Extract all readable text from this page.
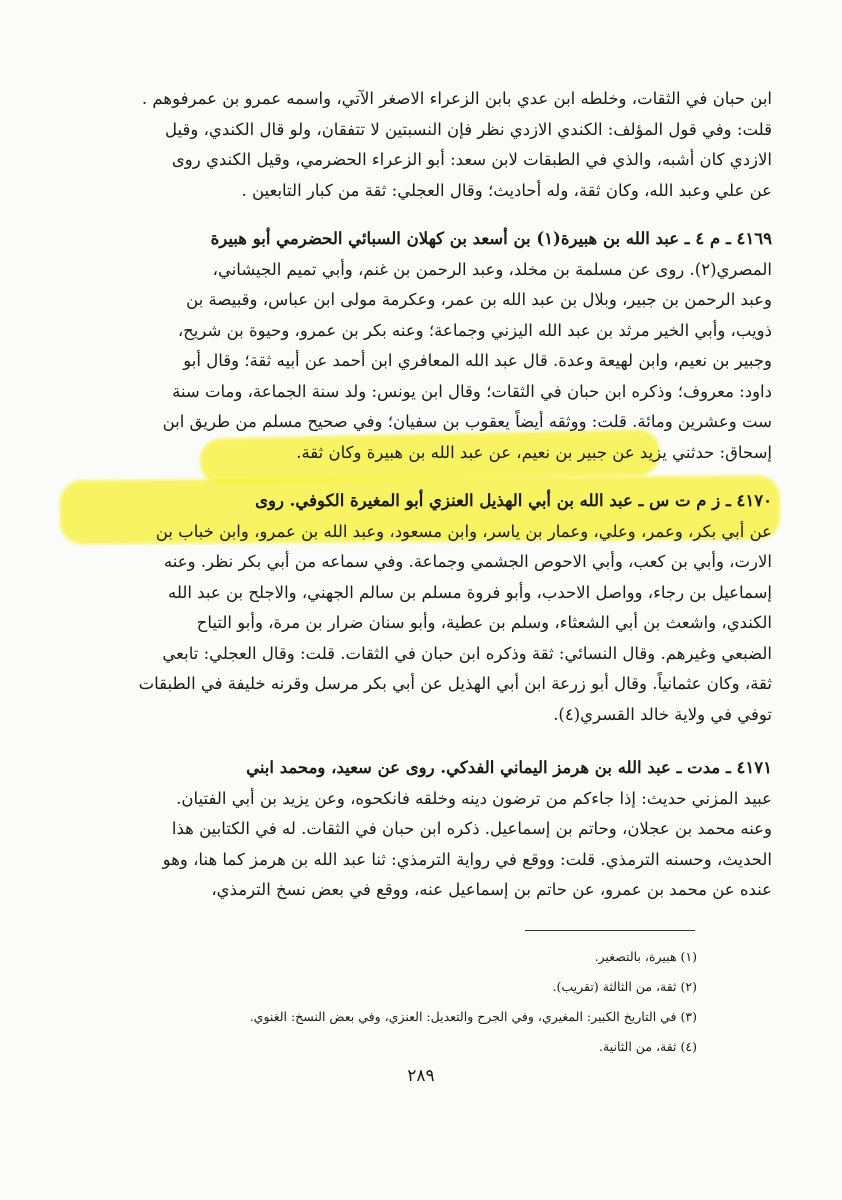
ابن حبان في الثقات، وخلطه ابن عدي بابن الزعراء الاصغر الآتي، واسمه عمرو بن عمرفوهم .
قلت: وفي قول المؤلف: الكندي الازدي نظر فإن النسبتين لا تتفقان، ولو قال الكندي، وقيل
الازدي كان أشبه، والذي في الطبقات لابن سعد: أبو الزعراء الحضرمي، وقيل الكندي روى
عن علي وعبد الله، وكان ثقة، وله أحاديث؛ وقال العجلي: ثقة من كبار التابعين .
٤١٦٩ ـ م ٤ ـ عبد الله بن هبيرة(١) بن أسعد بن كهلان السبائي الحضرمي أبو هبيرة
المصري(٢). روى عن مسلمة بن مخلد، وعبد الرحمن بن غنم، وأبي تميم الجيشاني،
وعبد الرحمن بن جبير، وبلال بن عبد الله بن عمر، وعكرمة مولى ابن عباس، وقبيصة بن
ذويب، وأبي الخير مرثد بن عبد الله اليزني وجماعة؛ وعنه بكر بن عمرو، وحيوة بن شريح،
وجبير بن نعيم، وابن لهيعة وعدة. قال عبد الله المعافري ابن أحمد عن أبيه ثقة؛ وقال أبو
داود: معروف؛ وذكره ابن حبان في الثقات؛ وقال ابن يونس: ولد سنة الجماعة، ومات سنة
ست وعشرين ومائة. قلت: ووثقه أيضاً يعقوب بن سفيان؛ وفي صحيح مسلم من طريق ابن
إسحاق: حدثني يزيد عن جبير بن نعيم، عن عبد الله بن هبيرة وكان ثقة.
٤١٧٠ ـ ز م ت س ـ عبد الله بن أبي الهذيل العنزي أبو المغيرة الكوفي. روى
عن أبي بكر، وعمر، وعلي، وعمار بن ياسر، وابن مسعود، وعبد الله بن عمرو، وابن خباب بن
الارت، وأبي بن كعب، وأبي الاحوص الجشمي وجماعة. وفي سماعه من أبي بكر نظر. وعنه
إسماعيل بن رجاء، وواصل الاحدب، وأبو فروة مسلم بن سالم الجهني، والاجلح بن عبد الله
الكندي، واشعث بن أبي الشعثاء، وسلم بن عطية، وأبو سنان ضرار بن مرة، وأبو التياح
الضبعي وغيرهم. وقال النسائي: ثقة وذكره ابن حبان في الثقات. قلت: وقال العجلي: تابعي
ثقة، وكان عثمانياً. وقال أبو زرعة ابن أبي الهذيل عن أبي بكر مرسل وقرنه خليفة في الطبقات
توفي في ولاية خالد القسري(٤).
٤١٧١ ـ مدت ـ عبد الله بن هرمز اليماني الفدكي. روى عن سعيد، ومحمد ابني
عبيد المزني حديث: إذا جاءكم من ترضون دينه وخلقه فانكحوه، وعن يزيد بن أبي الفتيان.
وعنه محمد بن عجلان، وحاتم بن إسماعيل. ذكره ابن حبان في الثقات. له في الكتابين هذا
الحديث، وحسنه الترمذي. قلت: ووقع في رواية الترمذي: ثنا عبد الله بن هرمز كما هنا، وهو
عنده عن محمد بن عمرو، عن حاتم بن إسماعيل عنه، ووقع في بعض نسخ الترمذي،
(١) هبيرة، بالتصغير.
(٢) ثقة، من الثالثة (تقريب).
(٣) في التاريخ الكبير: المغيري، وفي الجرح والتعديل: العنزي، وفي بعض النسخ: الغنوي.
(٤) ثقة، من الثانية.
٢٨٩
